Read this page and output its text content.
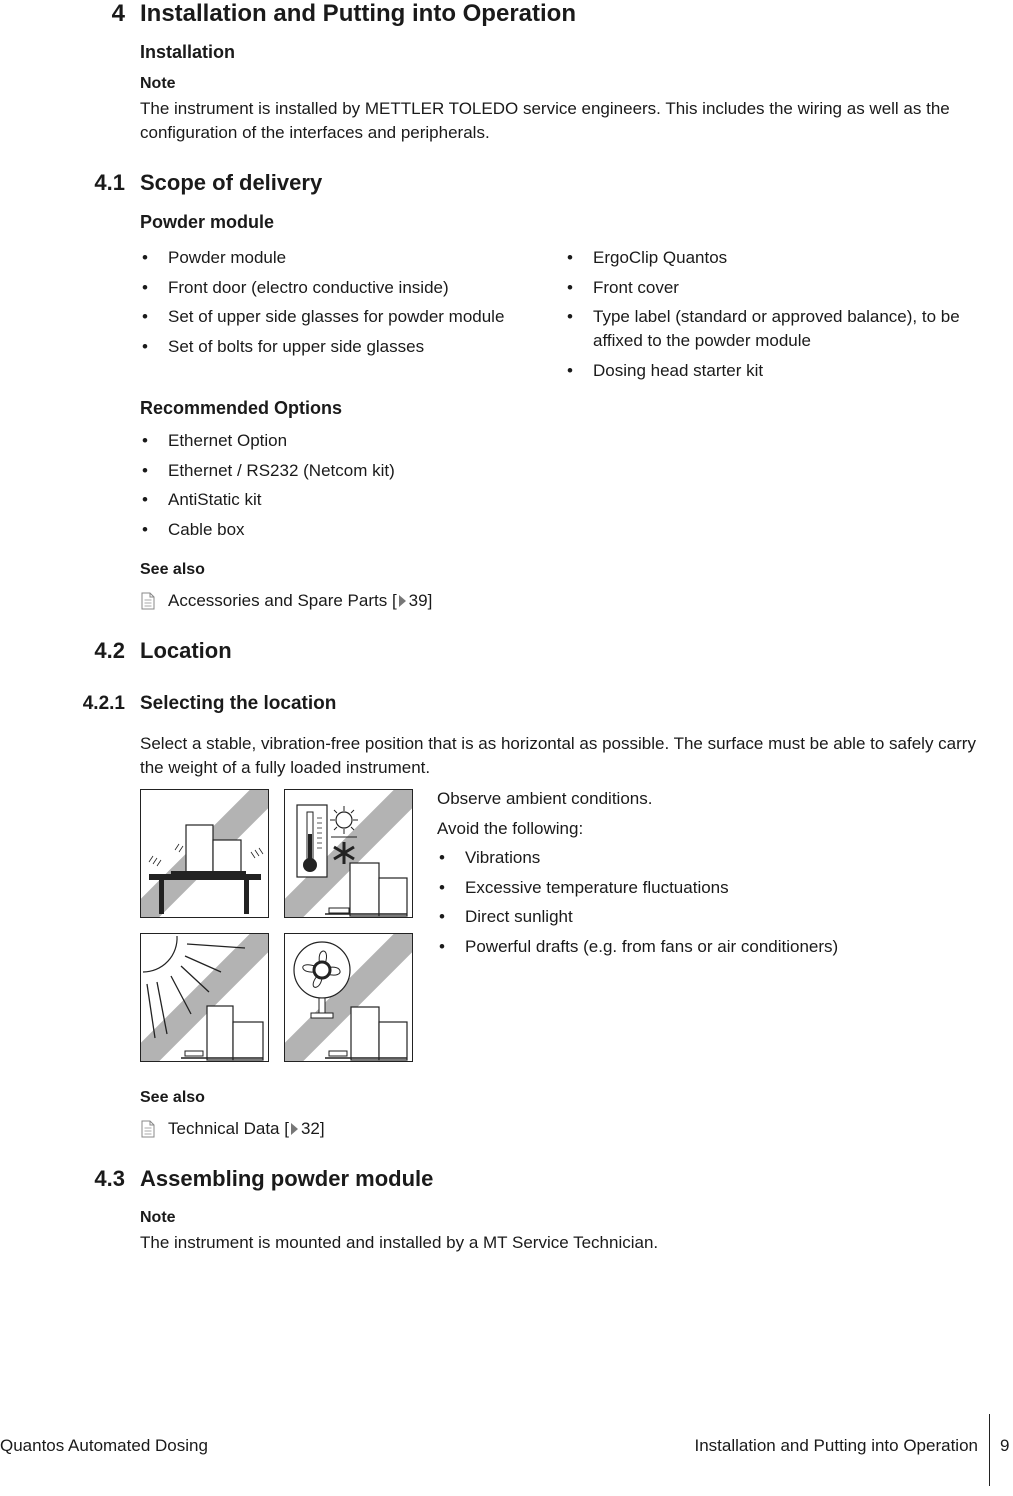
4 Installation and Putting into Operation
Installation
Note
The instrument is installed by METTLER TOLEDO service engineers. This includes the wiring as well as the configuration of the interfaces and peripherals.
4.1 Scope of delivery
Powder module
• Powder module
• Front door (electro conductive inside)
• Set of upper side glasses for powder module
• Set of bolts for upper side glasses
• ErgoClip Quantos
• Front cover
• Type label (standard or approved balance), to be affixed to the powder module
• Dosing head starter kit
Recommended Options
• Ethernet Option
• Ethernet / RS232 (Netcom kit)
• AntiStatic kit
• Cable box
See also
Accessories and Spare Parts [ 39]
4.2 Location
4.2.1 Selecting the location
Select a stable, vibration-free position that is as horizontal as possible. The surface must be able to safely carry the weight of a fully loaded instrument.
Observe ambient conditions.
Avoid the following:
• Vibrations
• Excessive temperature fluctuations
• Direct sunlight
• Powerful drafts (e.g. from fans or air conditioners)
See also
Technical Data [ 32]
4.3 Assembling powder module
Note
The instrument is mounted and installed by a MT Service Technician.
Quantos Automated Dosing	Installation and Putting into Operation 9
